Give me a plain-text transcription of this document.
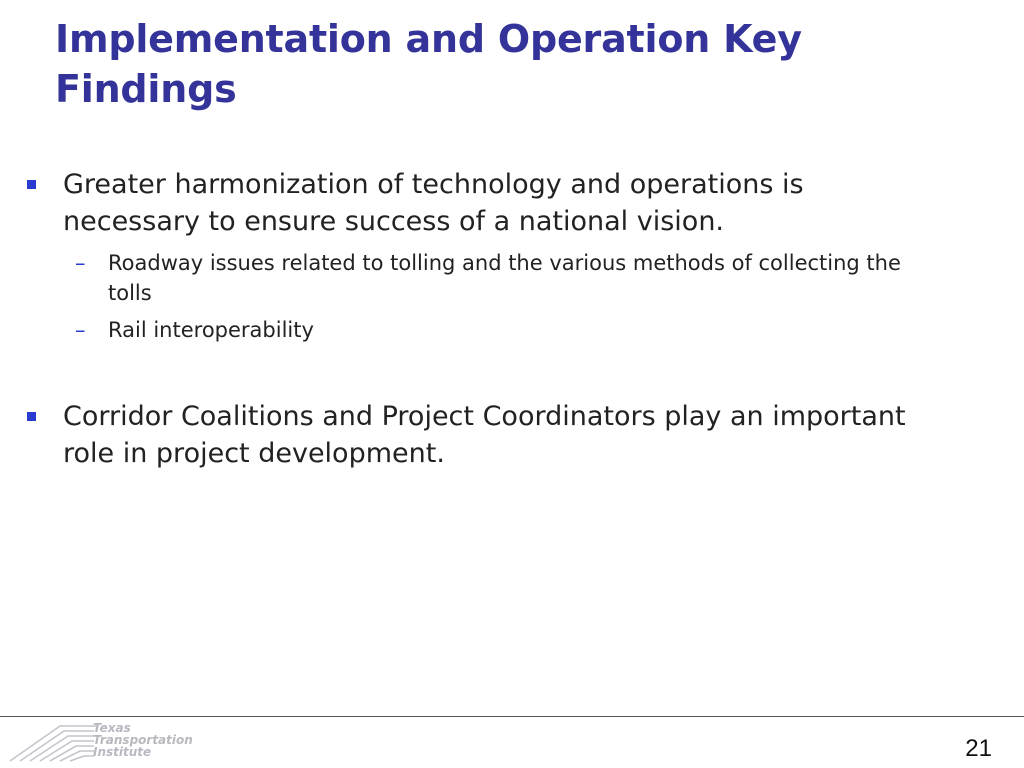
Implementation and Operation Key Findings
Greater harmonization of technology and operations is necessary to ensure success of a national vision.
– Roadway issues related to tolling and the various methods of collecting the tolls
– Rail interoperability
Corridor Coalitions and Project Coordinators play an important role in project development.
Texas
Transportation
Institute	21
